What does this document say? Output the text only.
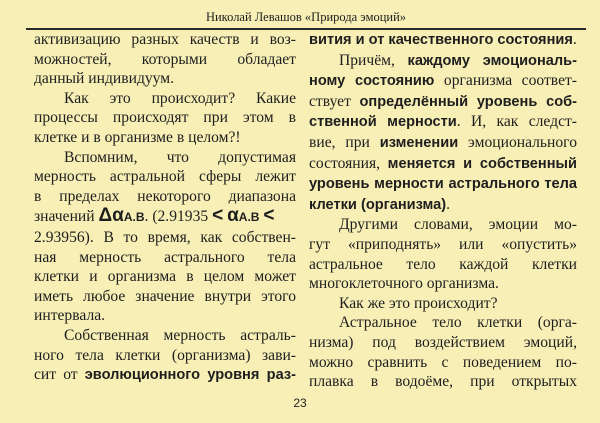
Николай Левашов «Природа эмоций»

активизацию разных качеств и воз-
можностей, которыми обладает
данный индивидуум.

Как это происходит? Какие
процессы происходят при этом в
клетке и в организме в целом?!

Вспомним, что допустимая
мерность астральной сферы лежит
в пределах некоторого диапазона
значений ΔαA.B. (2.91935 < αA.B <
2.93956). В то время, как собствен-
ная мерность астрального тела
клетки и организма в целом может
иметь любое значение внутри этого
интервала.

Собственная мерность астраль-
ного тела клетки (организма) зави-
сит от эволюционного уровня раз-

вития и от качественного состояния.

Причём, каждому эмоциональ-
ному состоянию организма соответ-
ствует определённый уровень соб-
ственной мерности. И, как следст-
вие, при изменении эмоционального
состояния, меняется и собственный
уровень мерности астрального тела
клетки (организма).

Другими словами, эмоции мо-
гут «приподнять» или «опустить»
астральное тело каждой клетки
многоклеточного организма.

Как же это происходит?

Астральное тело клетки (орга-
низма) под воздействием эмоций,
можно сравнить с поведением по-
плавка в водоёме, при открытых

23
